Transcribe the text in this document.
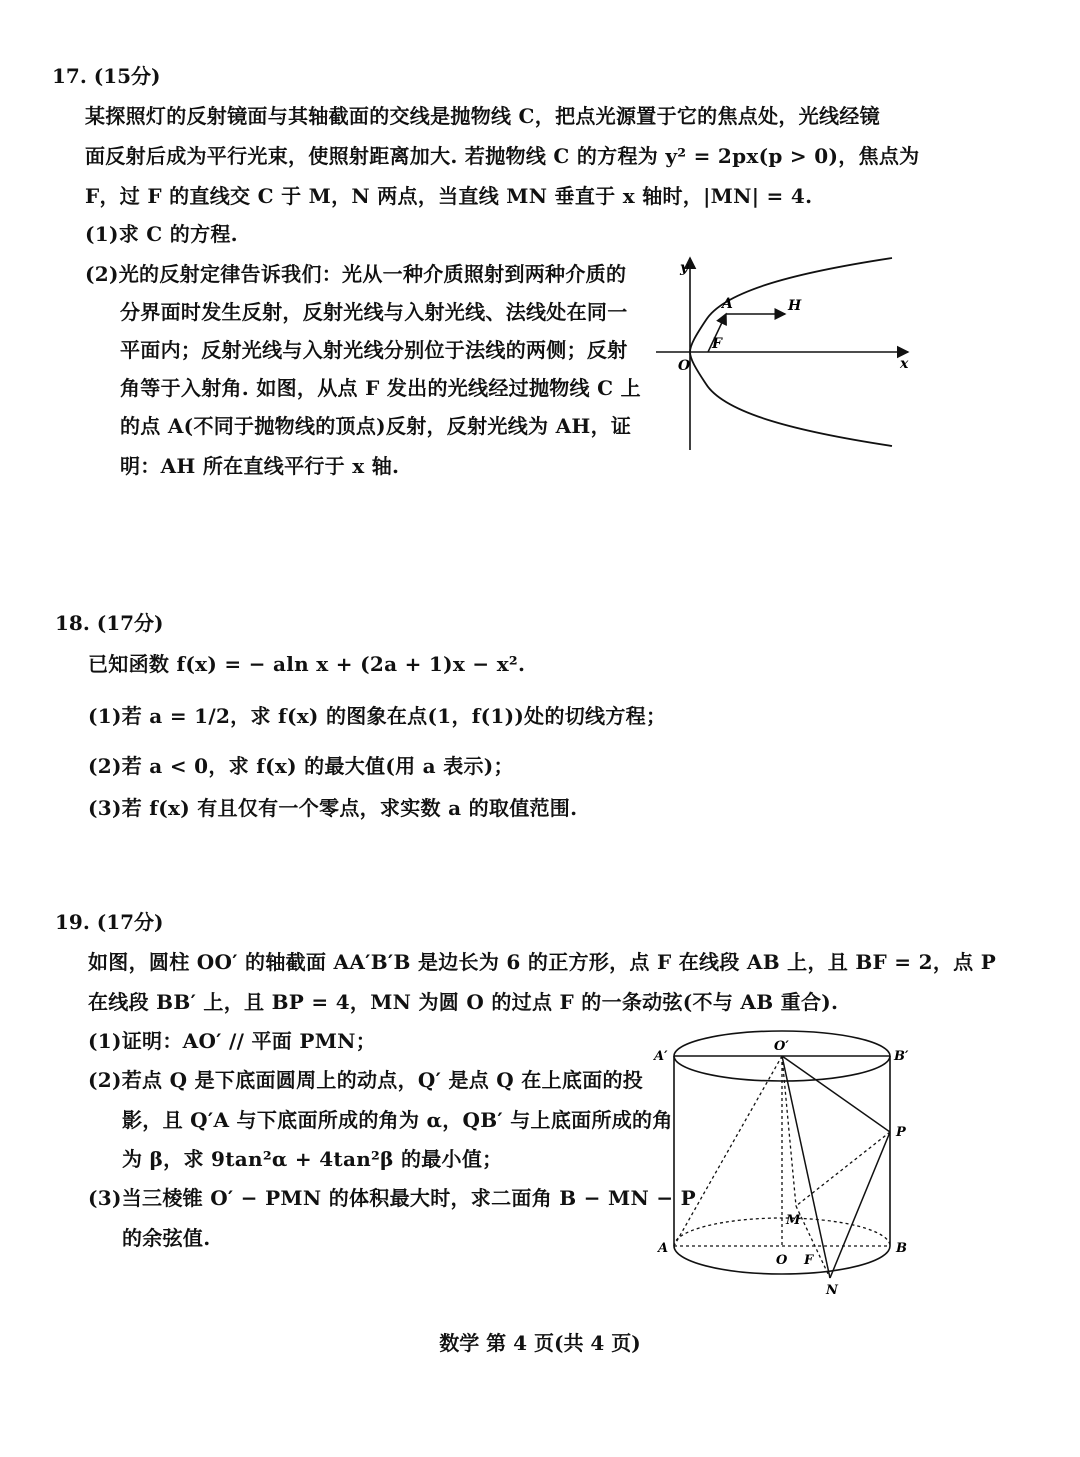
17. (15分)
某探照灯的反射镜面与其轴截面的交线是抛物线 C，把点光源置于它的焦点处，光线经镜
面反射后成为平行光束，使照射距离加大. 若抛物线 C 的方程为 y² = 2px(p > 0)，焦点为
F，过 F 的直线交 C 于 M，N 两点，当直线 MN 垂直于 x 轴时，|MN| = 4.
(1)求 C 的方程.
(2)光的反射定律告诉我们：光从一种介质照射到两种介质的
分界面时发生反射，反射光线与入射光线、法线处在同一
平面内；反射光线与入射光线分别位于法线的两侧；反射
角等于入射角. 如图，从点 F 发出的光线经过抛物线 C 上
的点 A(不同于抛物线的顶点)反射，反射光线为 AH，证
明：AH 所在直线平行于 x 轴.
y
x
O
A	H
F
18. (17分)
已知函数 f(x) = − aln x + (2a + 1)x − x².
(1)若 a = 1/2，求 f(x) 的图象在点(1，f(1))处的切线方程；
(2)若 a < 0，求 f(x) 的最大值(用 a 表示)；
(3)若 f(x) 有且仅有一个零点，求实数 a 的取值范围.
19. (17分)
如图，圆柱 OO′ 的轴截面 AA′B′B 是边长为 6 的正方形，点 F 在线段 AB 上，且 BF = 2，点 P
在线段 BB′ 上，且 BP = 4，MN 为圆 O 的过点 F 的一条动弦(不与 AB 重合).
(1)证明：AO′ // 平面 PMN；
(2)若点 Q 是下底面圆周上的动点，Q′ 是点 Q 在上底面的投
影，且 Q′A 与下底面所成的角为 α，QB′ 与上底面所成的角
为 β，求 9tan²α + 4tan²β 的最小值；
(3)当三棱锥 O′ − PMN 的体积最大时，求二面角 B − MN − P
的余弦值.
A′
O′
B′
P
M
A
O F
B
N
数学 第 4 页(共 4 页)
